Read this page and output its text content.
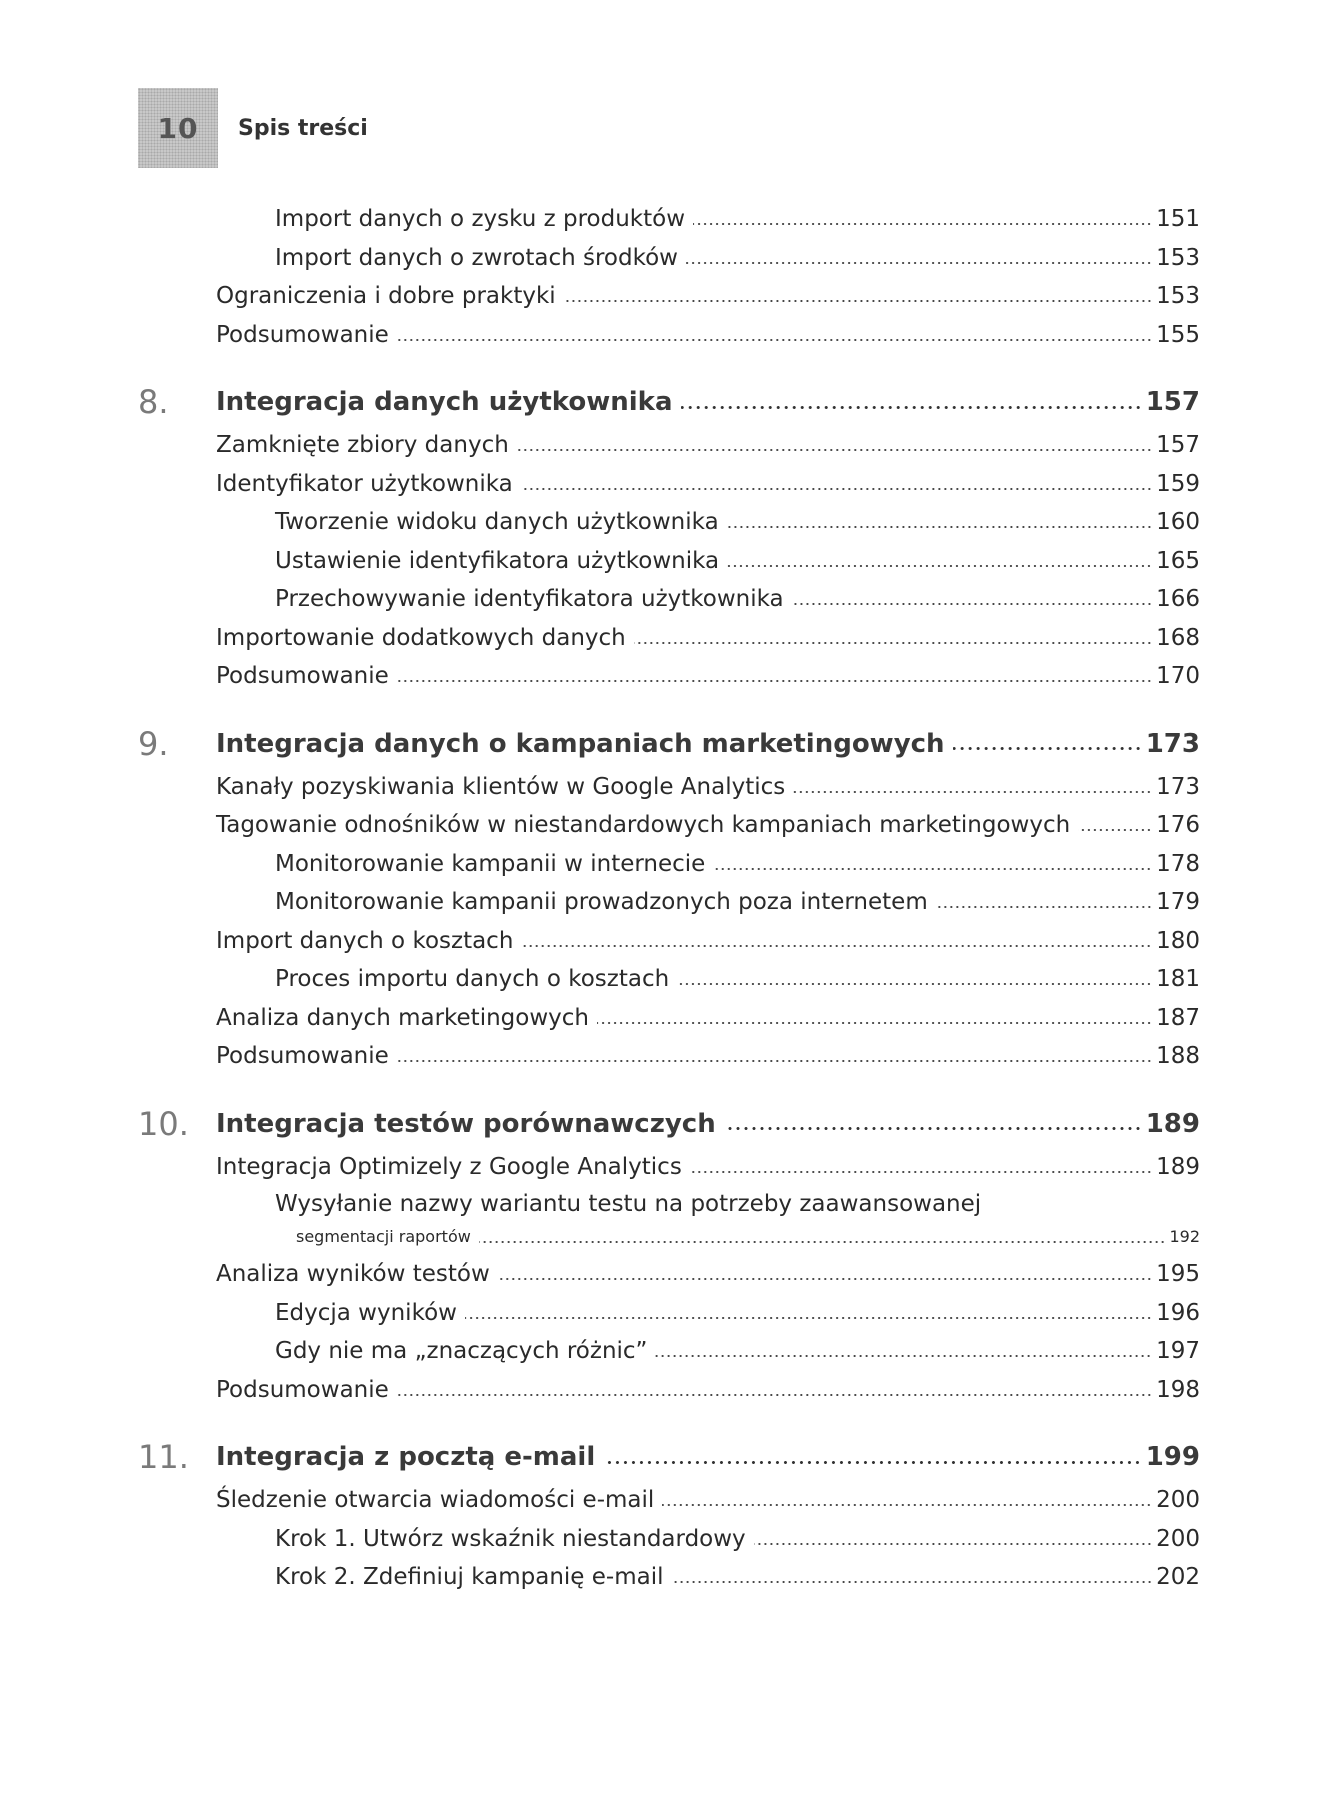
10	Spis treści
Import danych o zysku z produktów	151
Import danych o zwrotach środków	153
Ograniczenia i dobre praktyki	153
Podsumowanie	155
8. Integracja danych użytkownika	157
Zamknięte zbiory danych	157
Identyfikator użytkownika	159
Tworzenie widoku danych użytkownika	160
Ustawienie identyfikatora użytkownika	165
Przechowywanie identyfikatora użytkownika	166
Importowanie dodatkowych danych	168
Podsumowanie	170
9. Integracja danych o kampaniach marketingowych	173
Kanały pozyskiwania klientów w Google Analytics	173
Tagowanie odnośników w niestandardowych kampaniach marketingowych	176
Monitorowanie kampanii w internecie	178
Monitorowanie kampanii prowadzonych poza internetem	179
Import danych o kosztach	180
Proces importu danych o kosztach	181
Analiza danych marketingowych	187
Podsumowanie	188
10. Integracja testów porównawczych	189
Integracja Optimizely z Google Analytics	189
Wysyłanie nazwy wariantu testu na potrzeby zaawansowanej
segmentacji raportów	192
Analiza wyników testów	195
Edycja wyników	196
Gdy nie ma „znaczących różnic”	197
Podsumowanie	198
11. Integracja z pocztą e-mail	199
Śledzenie otwarcia wiadomości e-mail	200
Krok 1. Utwórz wskaźnik niestandardowy	200
Krok 2. Zdefiniuj kampanię e-mail	202
